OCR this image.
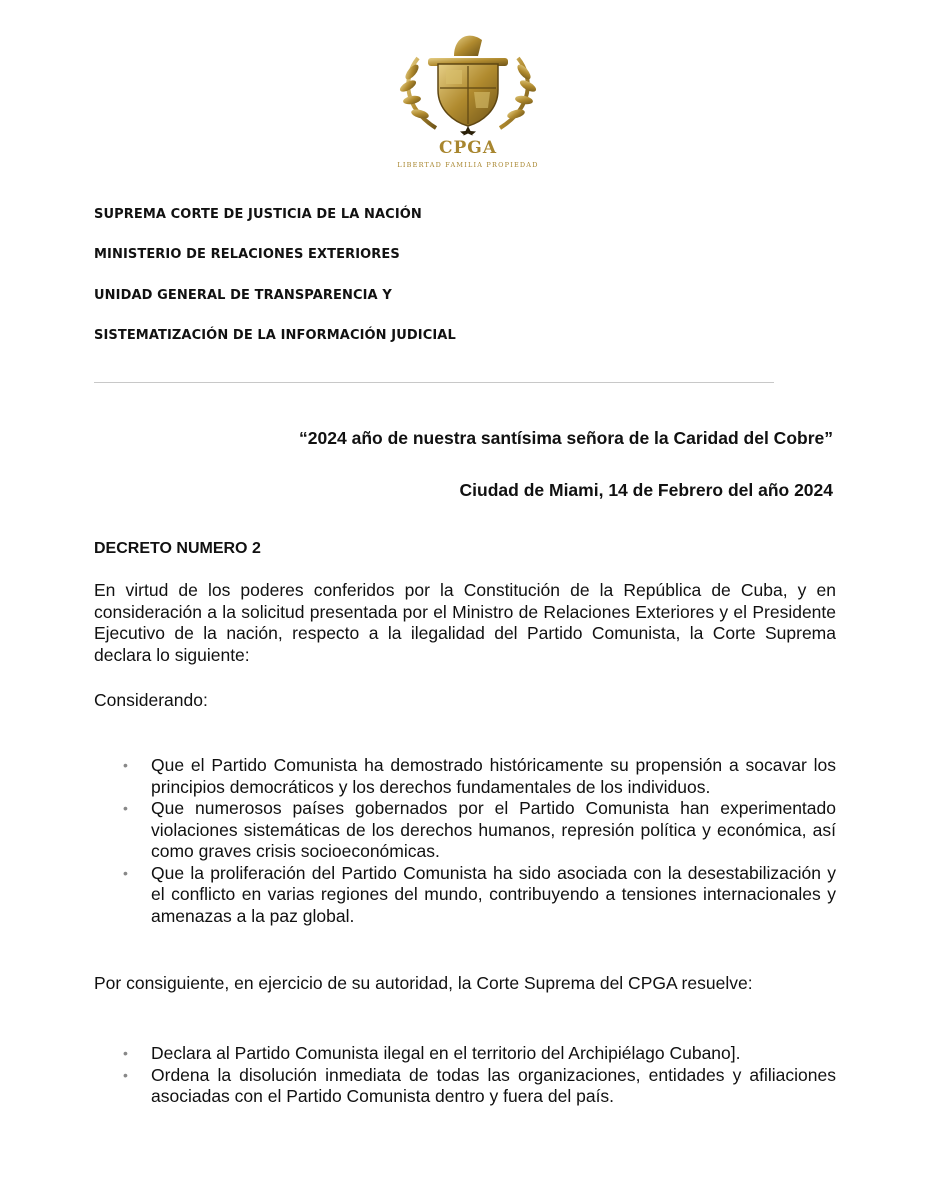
CPGA
LIBERTAD FAMILIA PROPIEDAD

SUPREMA CORTE DE JUSTICIA DE LA NACIÓN

MINISTERIO DE RELACIONES EXTERIORES

UNIDAD GENERAL DE TRANSPARENCIA Y

SISTEMATIZACIÓN DE LA INFORMACIÓN JUDICIAL

“2024 año de nuestra santísima señora de la Caridad del Cobre”

Ciudad de Miami, 14 de Febrero del año 2024

DECRETO NUMERO 2

En virtud de los poderes conferidos por la Constitución de la República de Cuba, y en consideración a la solicitud presentada por el Ministro de Relaciones Exteriores y el Presidente Ejecutivo de la nación, respecto a la ilegalidad del Partido Comunista, la Corte Suprema declara lo siguiente:

Considerando:

• Que el Partido Comunista ha demostrado históricamente su propensión a socavar los principios democráticos y los derechos fundamentales de los individuos.
• Que numerosos países gobernados por el Partido Comunista han experimentado violaciones sistemáticas de los derechos humanos, represión política y económica, así como graves crisis socioeconómicas.
• Que la proliferación del Partido Comunista ha sido asociada con la desestabilización y el conflicto en varias regiones del mundo, contribuyendo a tensiones internacionales y amenazas a la paz global.

Por consiguiente, en ejercicio de su autoridad, la Corte Suprema del CPGA resuelve:

• Declara al Partido Comunista ilegal en el territorio del Archipiélago Cubano].
• Ordena la disolución inmediata de todas las organizaciones, entidades y afiliaciones asociadas con el Partido Comunista dentro y fuera del país.
